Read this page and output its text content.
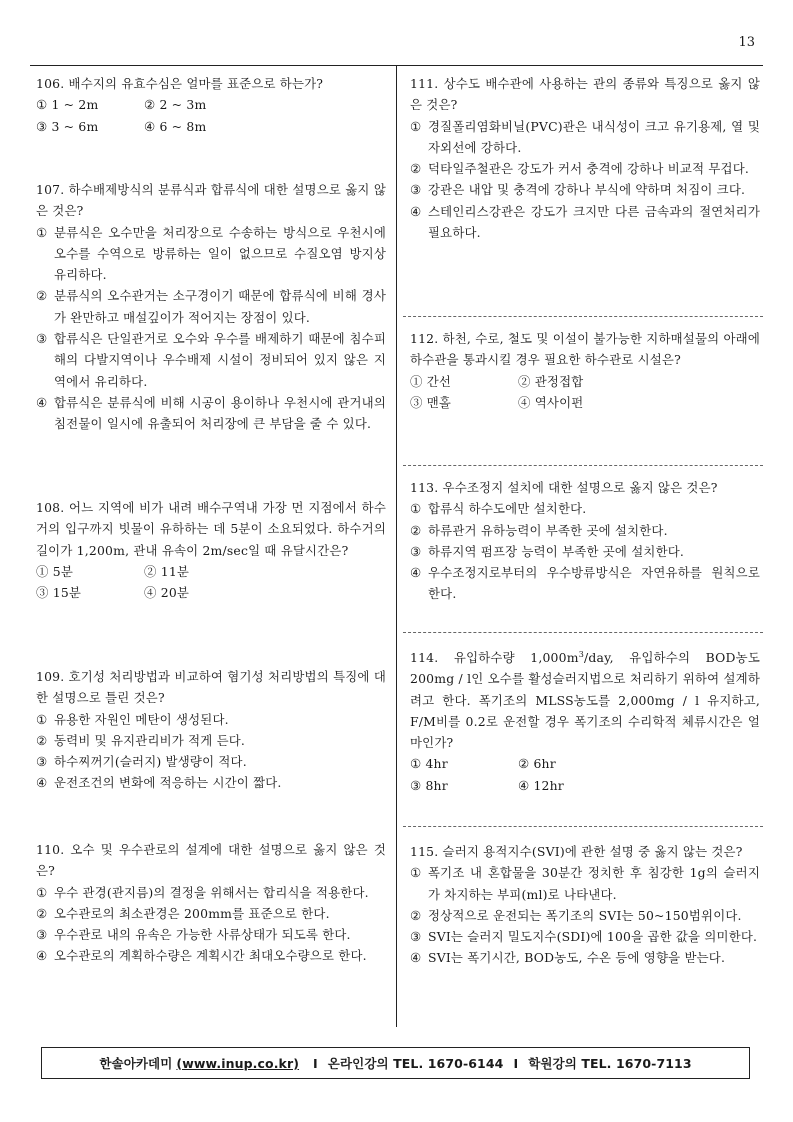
13
106. 배수지의 유효수심은 얼마를 표준으로 하는가?
① 1 ~ 2m	② 2 ~ 3m
③ 3 ~ 6m	④ 6 ~ 8m
107. 하수배제방식의 분류식과 합류식에 대한 설명으로 옳지 않은 것은?
① 분류식은 오수만을 처리장으로 수송하는 방식으로 우천시에 오수를 수역으로 방류하는 일이 없으므로 수질오염 방지상 유리하다.
② 분류식의 오수관거는 소구경이기 때문에 합류식에 비해 경사가 완만하고 매설깊이가 적어지는 장점이 있다.
③ 합류식은 단일관거로 오수와 우수를 배제하기 때문에 침수피해의 다발지역이나 우수배제 시설이 정비되어 있지 않은 지역에서 유리하다.
④ 합류식은 분류식에 비해 시공이 용이하나 우천시에 관거내의 침전물이 일시에 유출되어 처리장에 큰 부담을 줄 수 있다.
108. 어느 지역에 비가 내려 배수구역내 가장 먼 지점에서 하수거의 입구까지 빗물이 유하하는 데 5분이 소요되었다. 하수거의 길이가 1,200m, 관내 유속이 2m/sec일 때 유달시간은?
① 5분	② 11분
③ 15분	④ 20분
109. 호기성 처리방법과 비교하여 혐기성 처리방법의 특징에 대한 설명으로 틀린 것은?
① 유용한 자원인 메탄이 생성된다.
② 동력비 및 유지관리비가 적게 든다.
③ 하수찌꺼기(슬러지) 발생량이 적다.
④ 운전조건의 변화에 적응하는 시간이 짧다.
110. 오수 및 우수관로의 설계에 대한 설명으로 옳지 않은 것은?
① 우수 관경(관지름)의 결정을 위해서는 합리식을 적용한다.
② 오수관로의 최소관경은 200mm를 표준으로 한다.
③ 우수관로 내의 유속은 가능한 사류상태가 되도록 한다.
④ 오수관로의 계획하수량은 계획시간 최대오수량으로 한다.
111. 상수도 배수관에 사용하는 관의 종류와 특징으로 옳지 않은 것은?
① 경질폴리염화비닐(PVC)관은 내식성이 크고 유기용제, 열 및 자외선에 강하다.
② 덕타일주철관은 강도가 커서 충격에 강하나 비교적 무겁다.
③ 강관은 내압 및 충격에 강하나 부식에 약하며 처짐이 크다.
④ 스테인리스강관은 강도가 크지만 다른 금속과의 절연처리가 필요하다.
112. 하천, 수로, 철도 및 이설이 불가능한 지하매설물의 아래에 하수관을 통과시킬 경우 필요한 하수관로 시설은?
① 간선	② 관정접합
③ 맨홀	④ 역사이펀
113. 우수조정지 설치에 대한 설명으로 옳지 않은 것은?
① 합류식 하수도에만 설치한다.
② 하류관거 유하능력이 부족한 곳에 설치한다.
③ 하류지역 펌프장 능력이 부족한 곳에 설치한다.
④ 우수조정지로부터의 우수방류방식은 자연유하를 원칙으로 한다.
114. 유입하수량 $1,000m^3$/day, 유입하수의 BOD농도 200mg / l인 오수를 활성슬러지법으로 처리하기 위하여 설계하려고 한다. 폭기조의 MLSS농도를 2,000mg / l 유지하고, F/M비를 0.2로 운전할 경우 폭기조의 수리학적 체류시간은 얼마인가?
① 4hr	② 6hr
③ 8hr	④ 12hr
115. 슬러지 용적지수(SVI)에 관한 설명 중 옳지 않는 것은?
① 폭기조 내 혼합물을 30분간 정치한 후 침강한 1g의 슬러지가 차지하는 부피(ml)로 나타낸다.
② 정상적으로 운전되는 폭기조의 SVI는 50~150범위이다.
③ SVI는 슬러지 밀도지수(SDI)에 100을 곱한 값을 의미한다.
④ SVI는 폭기시간, BOD농도, 수온 등에 영향을 받는다.
한솔아카데미 (www.inup.co.kr) I 온라인강의 TEL. 1670-6144 I 학원강의 TEL. 1670-7113
